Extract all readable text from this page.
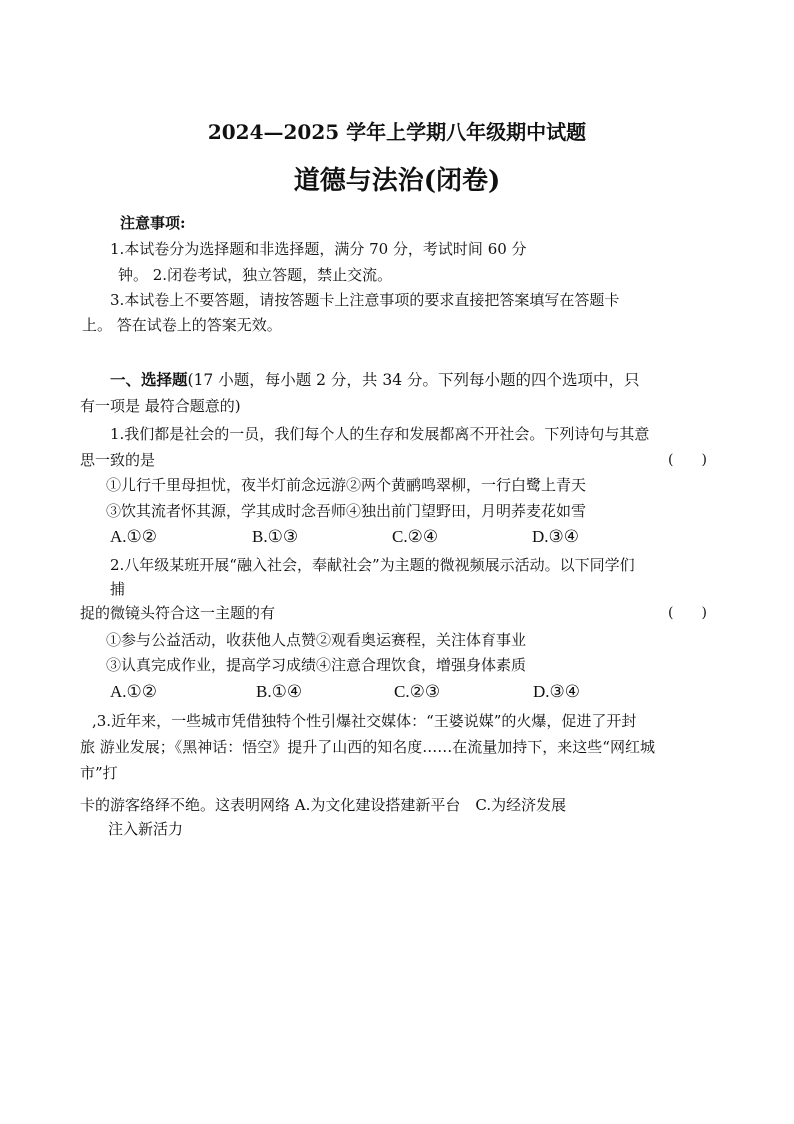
2024—2025 学年上学期八年级期中试题
道德与法治(闭卷)
注意事项:
1.本试卷分为选择题和非选择题，满分 70 分，考试时间 60 分
钟。 2.闭卷考试，独立答题，禁止交流。
3.本试卷上不要答题，请按答题卡上注意事项的要求直接把答案填写在答题卡
上。 答在试卷上的答案无效。
一、选择题(17 小题，每小题 2 分，共 34 分。下列每小题的四个选项中，只
有一项是 最符合题意的)
1.我们都是社会的一员，我们每个人的生存和发展都离不开社会。下列诗句与其意
思一致的是	(　　)
①儿行千里母担忧，夜半灯前念远游②两个黄鹂鸣翠柳，一行白鹭上青天
③饮其流者怀其源，学其成时念吾师④独出前门望野田，月明荞麦花如雪
A.①②	B.①③	C.②④	D.③④
2.八年级某班开展“融入社会，奉献社会”为主题的微视频展示活动。以下同学们
捕
捉的微镜头符合这一主题的有	(　　)
①参与公益活动，收获他人点赞②观看奥运赛程，关注体育事业
③认真完成作业，提高学习成绩④注意合理饮食，增强身体素质
A.①②	B.①④	C.②③	D.③④
,3.近年来，一些城市凭借独特个性引爆社交媒体：“王婆说媒”的火爆，促进了开封
旅 游业发展；《黑神话：悟空》提升了山西的知名度……在流量加持下，来这些“网红城
市”打
卡的游客络绎不绝。这表明网络 A.为文化建设搭建新平台　C.为经济发展
注入新活力
